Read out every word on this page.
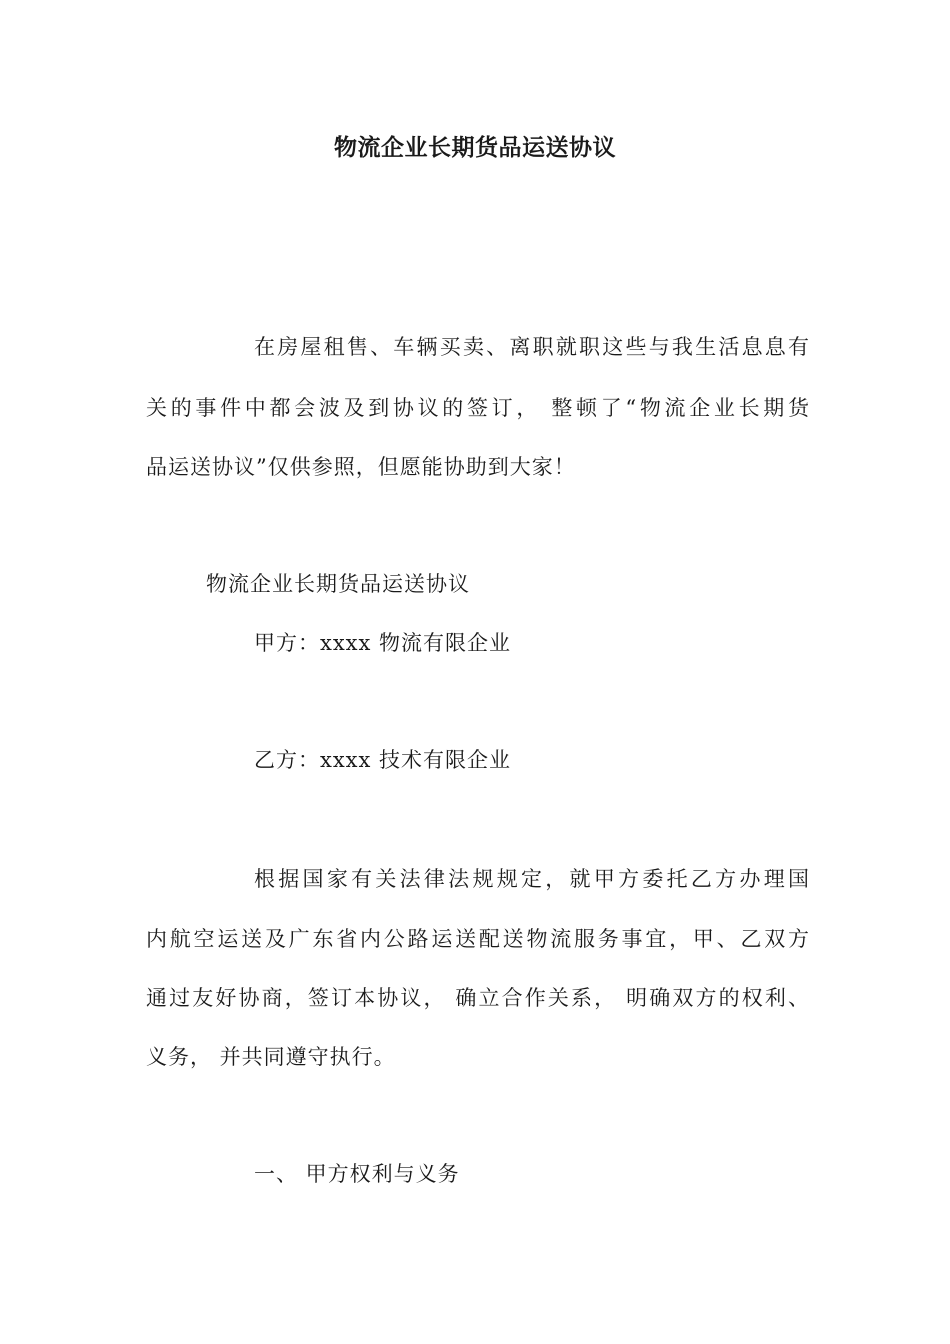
物流企业长期货品运送协议

在房屋租售、车辆买卖、离职就职这些与我生活息息有

关的事件中都会波及到协议的签订， 整顿了“物流企业长期货

品运送协议”仅供参照，但愿能协助到大家！

物流企业长期货品运送协议

甲方：xxxx 物流有限企业

乙方：xxxx 技术有限企业

根据国家有关法律法规规定，就甲方委托乙方办理国

内航空运送及广东省内公路运送配送物流服务事宜，甲、乙双方

通过友好协商，签订本协议， 确立合作关系， 明确双方的权利、

义务， 并共同遵守执行。

一、 甲方权利与义务
